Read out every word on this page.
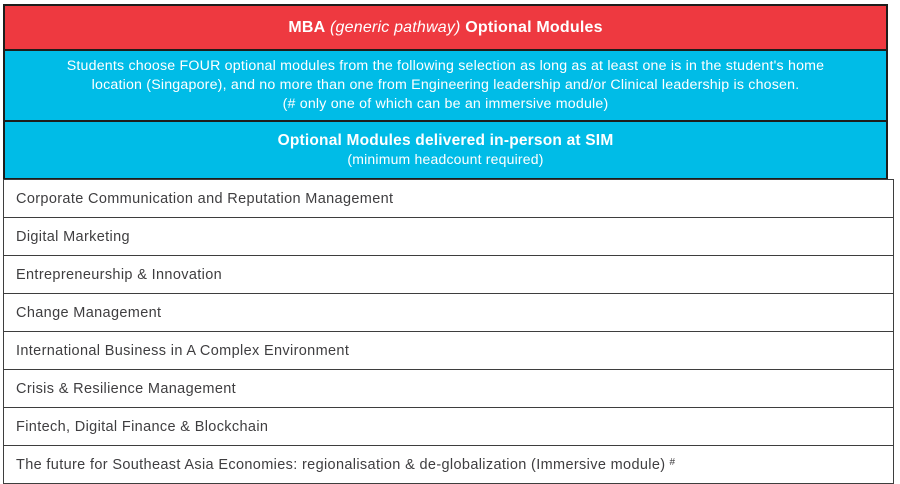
MBA
(generic pathway)
Optional Modules
Students choose FOUR optional modules from the following selection as long as at least one is in the student's home
location (Singapore), and no more than one from Engineering leadership and/or Clinical leadership is chosen.
(# only one of which can be an immersive module)
Optional Modules delivered in-person at SIM
(minimum headcount required)
Corporate Communication and Reputation Management
Digital Marketing
Entrepreneurship & Innovation
Change Management
International Business in A Complex Environment
Crisis & Resilience Management
Fintech, Digital Finance & Blockchain
The future for Southeast Asia Economies: regionalisation & de-globalization (Immersive module) #
